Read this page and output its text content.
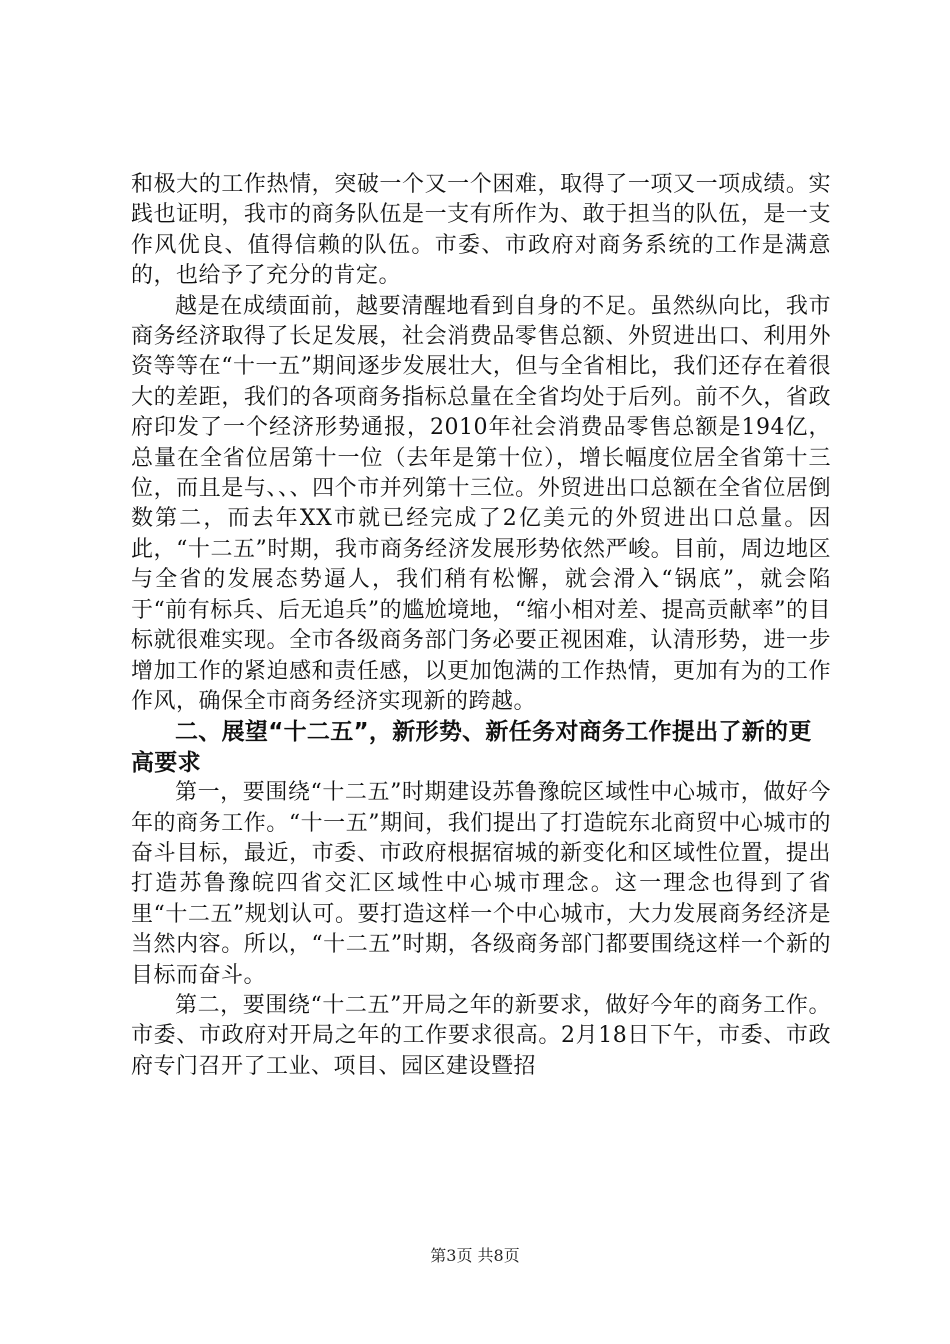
和极大的工作热情，突破一个又一个困难，取得了一项又一项成绩。实践也证明，我市的商务队伍是一支有所作为、敢于担当的队伍，是一支作风优良、值得信赖的队伍。市委、市政府对商务系统的工作是满意的，也给予了充分的肯定。

越是在成绩面前，越要清醒地看到自身的不足。虽然纵向比，我市商务经济取得了长足发展，社会消费品零售总额、外贸进出口、利用外资等等在“十一五”期间逐步发展壮大，但与全省相比，我们还存在着很大的差距，我们的各项商务指标总量在全省均处于后列。前不久，省政府印发了一个经济形势通报，2010年社会消费品零售总额是194亿，总量在全省位居第十一位（去年是第十位），增长幅度位居全省第十三位，而且是与、、、四个市并列第十三位。外贸进出口总额在全省位居倒数第二，而去年XX市就已经完成了2亿美元的外贸进出口总量。因此，“十二五”时期，我市商务经济发展形势依然严峻。目前，周边地区与全省的发展态势逼人，我们稍有松懈，就会滑入“锅底”，就会陷于“前有标兵、后无追兵”的尴尬境地，“缩小相对差、提高贡献率”的目标就很难实现。全市各级商务部门务必要正视困难，认清形势，进一步增加工作的紧迫感和责任感，以更加饱满的工作热情，更加有为的工作作风，确保全市商务经济实现新的跨越。

二、展望“十二五”，新形势、新任务对商务工作提出了新的更高要求

第一，要围绕“十二五”时期建设苏鲁豫皖区域性中心城市，做好今年的商务工作。“十一五”期间，我们提出了打造皖东北商贸中心城市的奋斗目标，最近，市委、市政府根据宿城的新变化和区域性位置，提出打造苏鲁豫皖四省交汇区域性中心城市理念。这一理念也得到了省里“十二五”规划认可。要打造这样一个中心城市，大力发展商务经济是当然内容。所以，“十二五”时期，各级商务部门都要围绕这样一个新的目标而奋斗。

第二，要围绕“十二五”开局之年的新要求，做好今年的商务工作。市委、市政府对开局之年的工作要求很高。2月18日下午，市委、市政府专门召开了工业、项目、园区建设暨招

第3页 共8页
